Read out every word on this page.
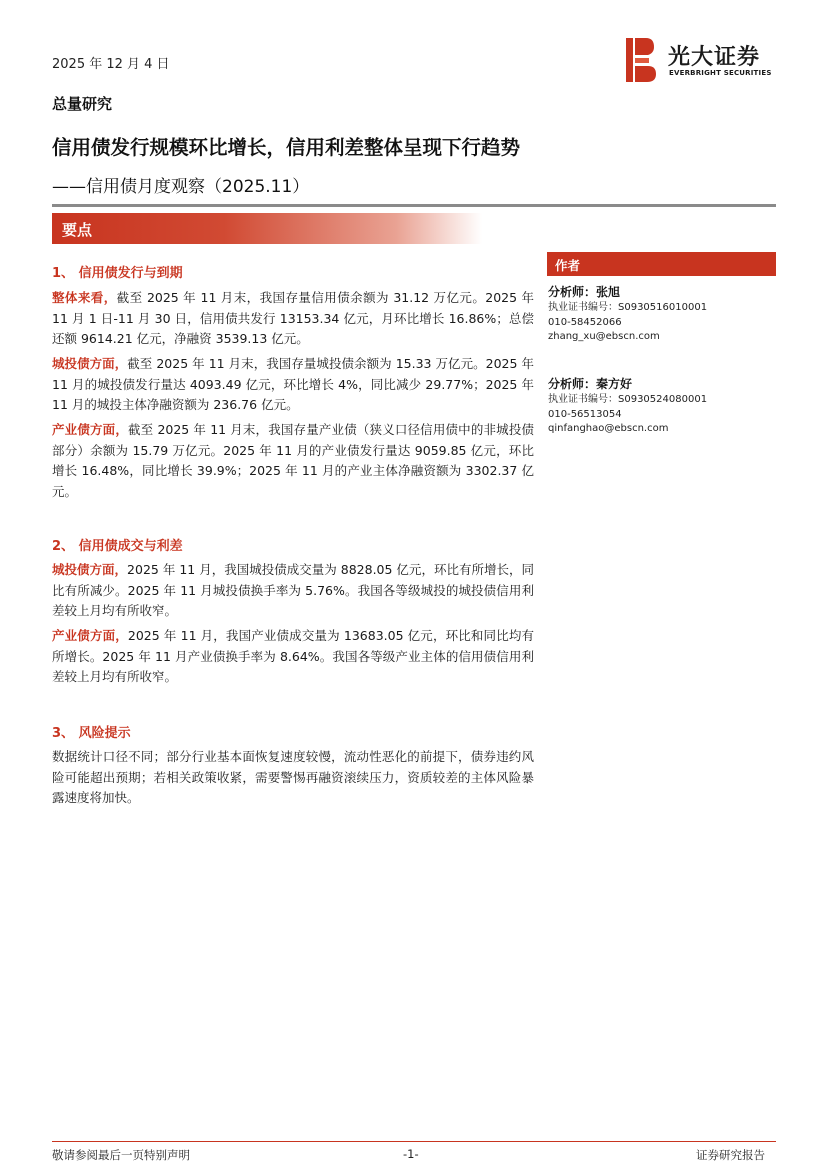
2025 年 12 月 4 日	光大证券
EVERBRIGHT SECURITIES
总量研究
信用债发行规模环比增长，信用利差整体呈现下行趋势
——信用债月度观察（2025.11）
要点

1、 信用债发行与到期

整体来看，截至 2025 年 11 月末，我国存量信用债余额为 31.12 万亿元。2025 年 11 月 1 日-11 月 30 日，信用债共发行 13153.34 亿元，月环比增长 16.86%；总偿还额 9614.21 亿元，净融资 3539.13 亿元。

城投债方面，截至 2025 年 11 月末，我国存量城投债余额为 15.33 万亿元。2025 年 11 月的城投债发行量达 4093.49 亿元，环比增长 4%，同比减少 29.77%；2025 年 11 月的城投主体净融资额为 236.76 亿元。

产业债方面，截至 2025 年 11 月末，我国存量产业债（狭义口径信用债中的非城投债部分）余额为 15.79 万亿元。2025 年 11 月的产业债发行量达 9059.85 亿元，环比增长 16.48%，同比增长 39.9%；2025 年 11 月的产业主体净融资额为 3302.37 亿元。

2、 信用债成交与利差

城投债方面，2025 年 11 月，我国城投债成交量为 8828.05 亿元，环比有所增长，同比有所减少。2025 年 11 月城投债换手率为 5.76%。我国各等级城投的城投债信用利差较上月均有所收窄。

产业债方面，2025 年 11 月，我国产业债成交量为 13683.05 亿元，环比和同比均有所增长。2025 年 11 月产业债换手率为 8.64%。我国各等级产业主体的信用债信用利差较上月均有所收窄。

3、 风险提示

数据统计口径不同；部分行业基本面恢复速度较慢，流动性恶化的前提下，债券违约风险可能超出预期；若相关政策收紧，需要警惕再融资滚续压力，资质较差的主体风险暴露速度将加快。

作者
分析师：张旭
执业证书编号：S0930516010001
010-58452066
zhang_xu@ebscn.com
分析师：秦方好
执业证书编号：S0930524080001
010-56513054
qinfanghao@ebscn.com
敬请参阅最后一页特别声明	-1-	证券研究报告
